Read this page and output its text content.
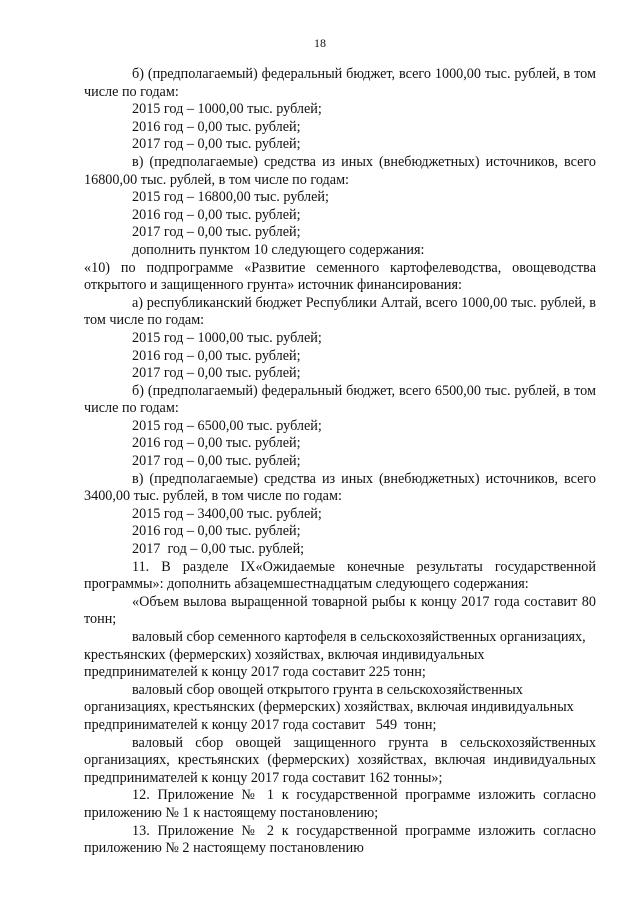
18

б) (предполагаемый) федеральный бюджет, всего 1000,00 тыс. рублей, в том числе по годам:

2015 год – 1000,00 тыс. рублей;

2016 год – 0,00 тыс. рублей;

2017 год – 0,00 тыс. рублей;

в) (предполагаемые) средства из иных (внебюджетных) источников, всего 16800,00 тыс. рублей, в том числе по годам:

2015 год – 16800,00 тыс. рублей;

2016 год – 0,00 тыс. рублей;

2017 год – 0,00 тыс. рублей;

дополнить пунктом 10 следующего содержания:

«10) по подпрограмме «Развитие семенного картофелеводства, овощеводства открытого и защищенного грунта» источник финансирования:

а) республиканский бюджет Республики Алтай, всего 1000,00 тыс. рублей, в том числе по годам:

2015 год – 1000,00 тыс. рублей;

2016 год – 0,00 тыс. рублей;

2017 год – 0,00 тыс. рублей;

б) (предполагаемый) федеральный бюджет, всего 6500,00 тыс. рублей, в том числе по годам:

2015 год – 6500,00 тыс. рублей;

2016 год – 0,00 тыс. рублей;

2017 год – 0,00 тыс. рублей;

в) (предполагаемые) средства из иных (внебюджетных) источников, всего 3400,00 тыс. рублей, в том числе по годам:

2015 год – 3400,00 тыс. рублей;

2016 год – 0,00 тыс. рублей;

2017  год – 0,00 тыс. рублей;

11. В разделе IX«Ожидаемые конечные результаты государственной программы»: дополнить абзацемшестнадцатым следующего содержания:

«Объем вылова выращенной товарной рыбы к концу 2017 года составит 80 тонн;

валовый сбор семенного картофеля в сельскохозяйственных организациях, крестьянских (фермерских) хозяйствах, включая индивидуальных предпринимателей к концу 2017 года составит 225 тонн;

валовый сбор овощей открытого грунта в сельскохозяйственных организациях, крестьянских (фермерских) хозяйствах, включая индивидуальных предпринимателей к концу 2017 года составит   549  тонн;

валовый сбор овощей защищенного грунта в сельскохозяйственных организациях, крестьянских (фермерских) хозяйствах, включая индивидуальных предпринимателей к концу 2017 года составит 162 тонны»;

12. Приложение № 1 к государственной программе изложить согласно приложению № 1 к настоящему постановлению;

13. Приложение № 2 к государственной программе изложить согласно приложению № 2 настоящему постановлению
